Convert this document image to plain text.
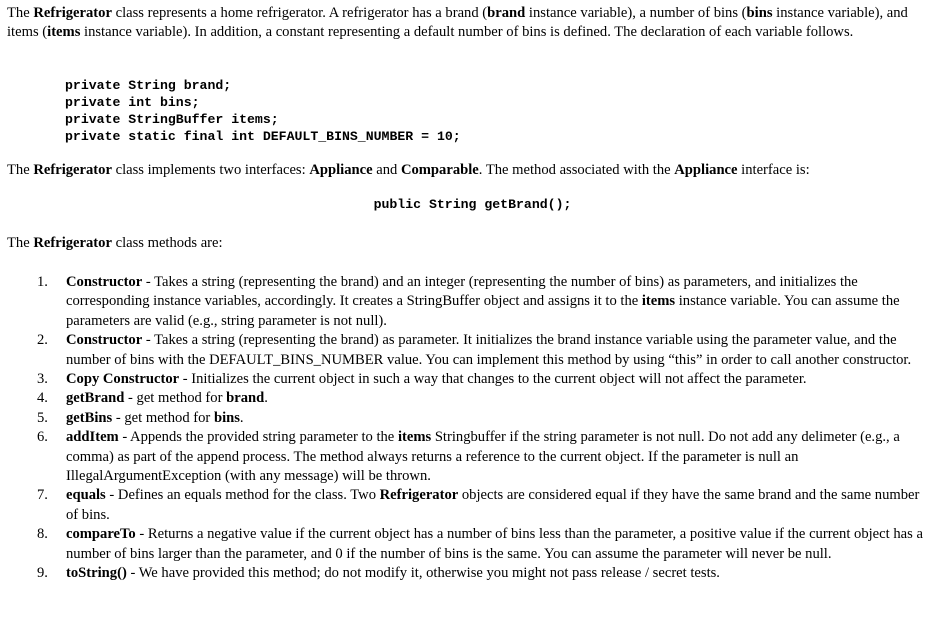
The Refrigerator class represents a home refrigerator. A refrigerator has a brand (brand instance variable), a number of bins (bins instance variable), and items (items instance variable). In addition, a constant representing a default number of bins is defined. The declaration of each variable follows.

private String brand;
private int bins;
private StringBuffer items;
private static final int DEFAULT_BINS_NUMBER = 10;

The Refrigerator class implements two interfaces: Appliance and Comparable. The method associated with the Appliance interface is:

public String getBrand();

The Refrigerator class methods are:

1. Constructor - Takes a string (representing the brand) and an integer (representing the number of bins) as parameters, and initializes the corresponding instance variables, accordingly. It creates a StringBuffer object and assigns it to the items instance variable. You can assume the parameters are valid (e.g., string parameter is not null).
2. Constructor - Takes a string (representing the brand) as parameter. It initializes the brand instance variable using the parameter value, and the number of bins with the DEFAULT_BINS_NUMBER value. You can implement this method by using “this” in order to call another constructor.
3. Copy Constructor - Initializes the current object in such a way that changes to the current object will not affect the parameter.
4. getBrand - get method for brand.
5. getBins - get method for bins.
6. addItem - Appends the provided string parameter to the items Stringbuffer if the string parameter is not null. Do not add any delimeter (e.g., a comma) as part of the append process. The method always returns a reference to the current object. If the parameter is null an IllegalArgumentException (with any message) will be thrown.
7. equals - Defines an equals method for the class. Two Refrigerator objects are considered equal if they have the same brand and the same number of bins.
8. compareTo - Returns a negative value if the current object has a number of bins less than the parameter, a positive value if the current object has a number of bins larger than the parameter, and 0 if the number of bins is the same. You can assume the parameter will never be null.
9. toString() - We have provided this method; do not modify it, otherwise you might not pass release / secret tests.
